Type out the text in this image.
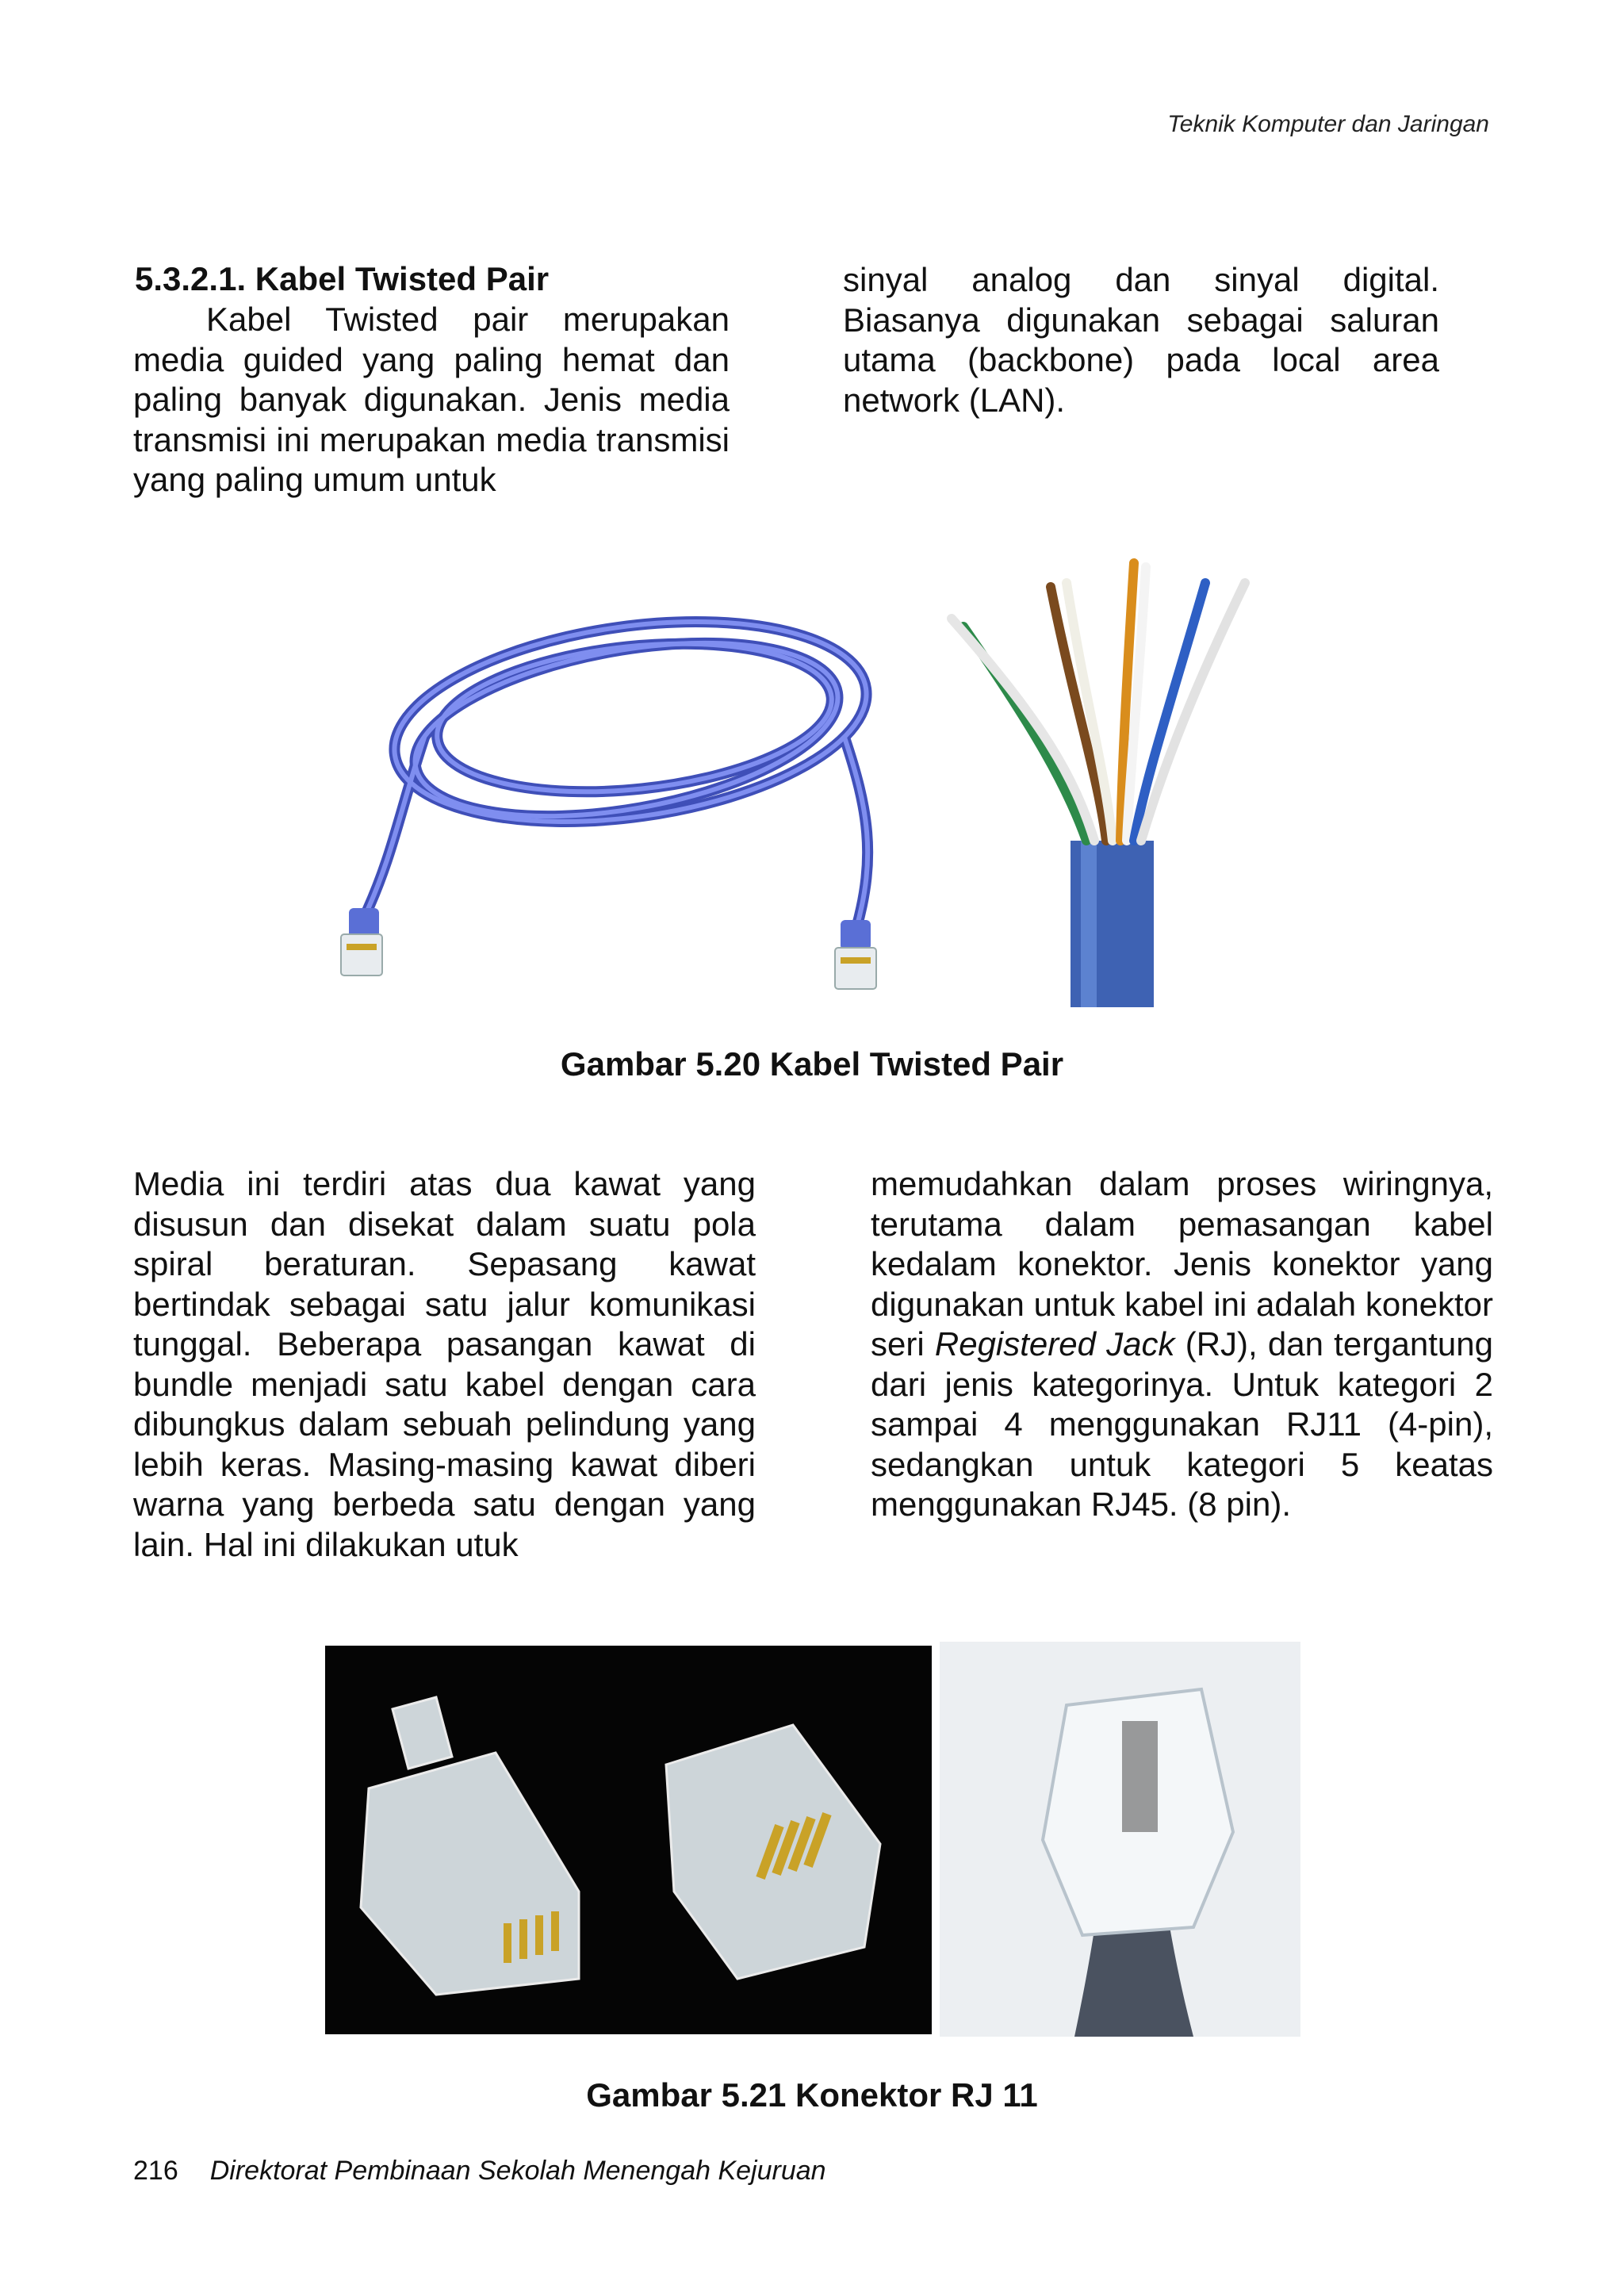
Teknik Komputer dan Jaringan
5.3.2.1. Kabel Twisted Pair

Kabel Twisted pair merupakan media guided yang paling hemat dan paling banyak digunakan. Jenis media transmisi ini merupakan media transmisi yang paling umum untuk

sinyal analog dan sinyal digital. Biasanya digunakan sebagai saluran utama (backbone) pada local area network (LAN).

Gambar 5.20 Kabel Twisted Pair

Media ini terdiri atas dua kawat yang disusun dan disekat dalam suatu pola spiral beraturan. Sepasang kawat bertindak sebagai satu jalur komunikasi tunggal. Beberapa pasangan kawat di bundle menjadi satu kabel dengan cara dibungkus dalam sebuah pelindung yang lebih keras. Masing-masing kawat diberi warna yang berbeda satu dengan yang lain. Hal ini dilakukan utuk

memudahkan dalam proses wiringnya, terutama dalam pemasangan kabel kedalam konektor. Jenis konektor yang digunakan untuk kabel ini adalah konektor seri Registered Jack (RJ), dan tergantung dari jenis kategorinya. Untuk kategori 2 sampai 4 menggunakan RJ11 (4-pin), sedangkan untuk kategori 5 keatas menggunakan RJ45. (8 pin).

Gambar 5.21 Konektor RJ 11
216 Direktorat Pembinaan Sekolah Menengah Kejuruan
